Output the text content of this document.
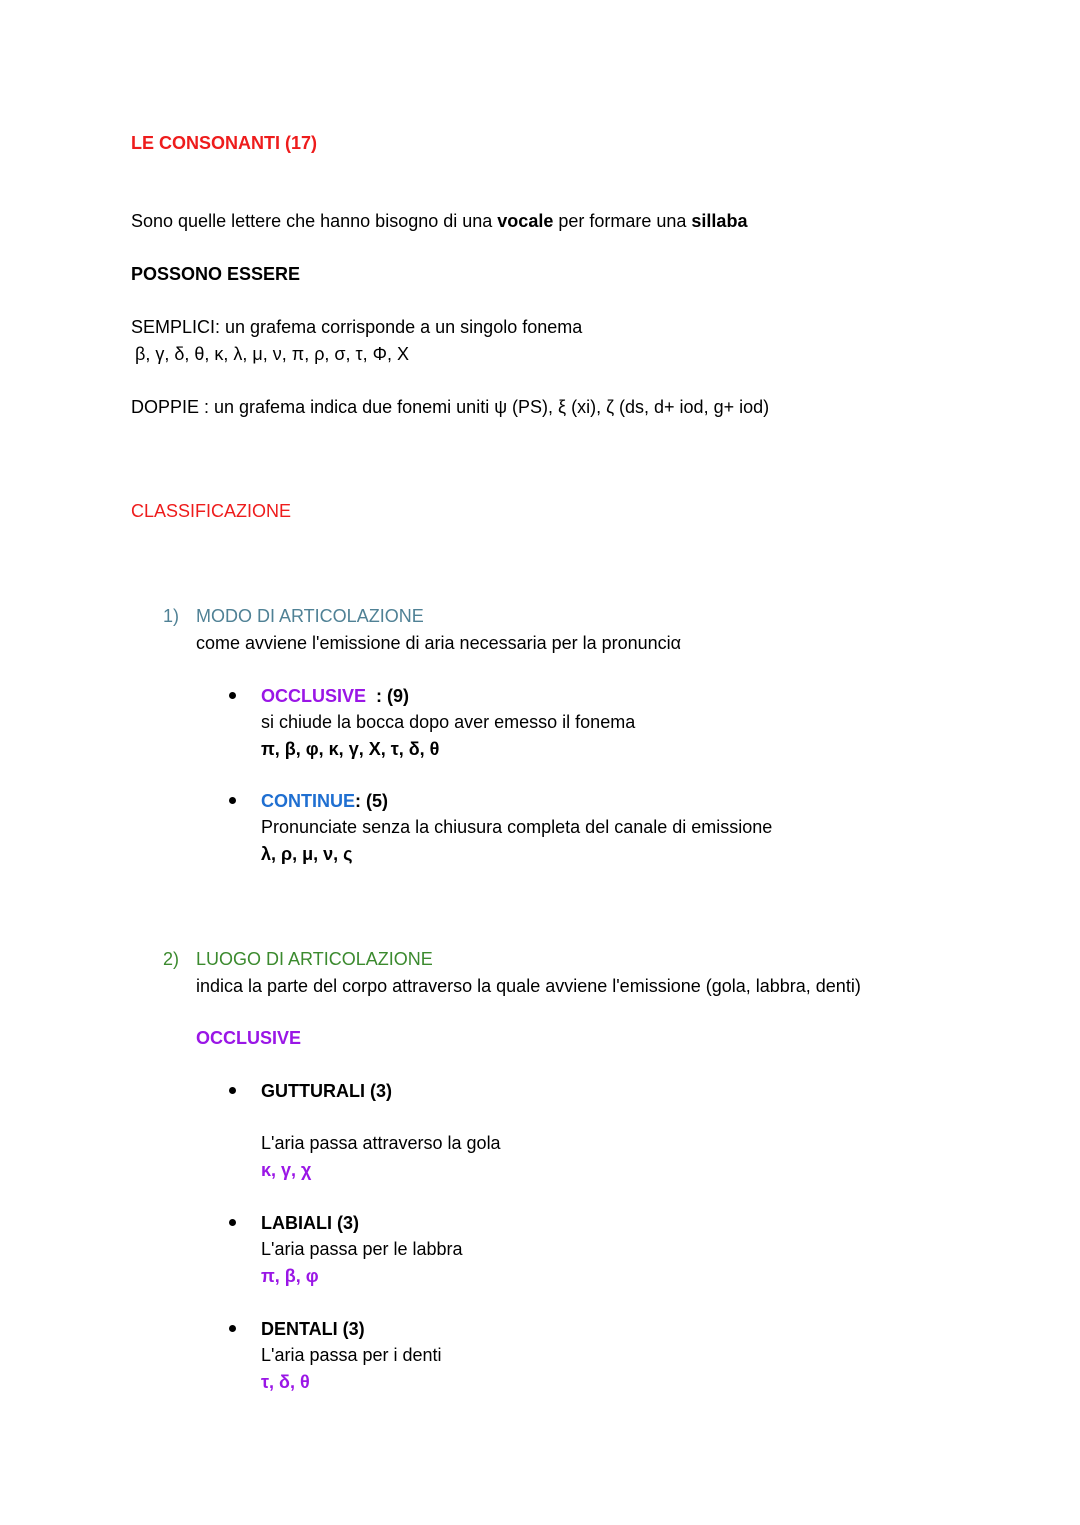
LE CONSONANTI (17)

Sono quelle lettere che hanno bisogno di una vocale per formare una sillaba

POSSONO ESSERE

SEMPLICI: un grafema corrisponde a un singolo fonema

β, γ, δ, θ, κ, λ, μ, ν, π, ρ, σ, τ, Φ, Χ

DOPPIE : un grafema indica due fonemi uniti ψ (PS), ξ (xi), ζ (ds, d+ iod, g+ iod)

CLASSIFICAZIONE

1) MODO DI ARTICOLAZIONE

come avviene l'emissione di aria necessaria per la pronunciα

OCCLUSIVE  : (9)

si chiude la bocca dopo aver emesso il fonema

π, β, φ, κ, γ, Χ, τ, δ, θ

CONTINUE: (5)

Pronunciate senza la chiusura completa del canale di emissione

λ, ρ, μ, ν, ς

2) LUOGO DI ARTICOLAZIONE

indica la parte del corpo attraverso la quale avviene l'emissione (gola, labbra, denti)

OCCLUSIVE

GUTTURALI (3)

L'aria passa attraverso la gola

κ, γ, χ

LABIALI (3)

L'aria passa per le labbra

π, β, φ

DENTALI (3)

L'aria passa per i denti

τ, δ, θ
